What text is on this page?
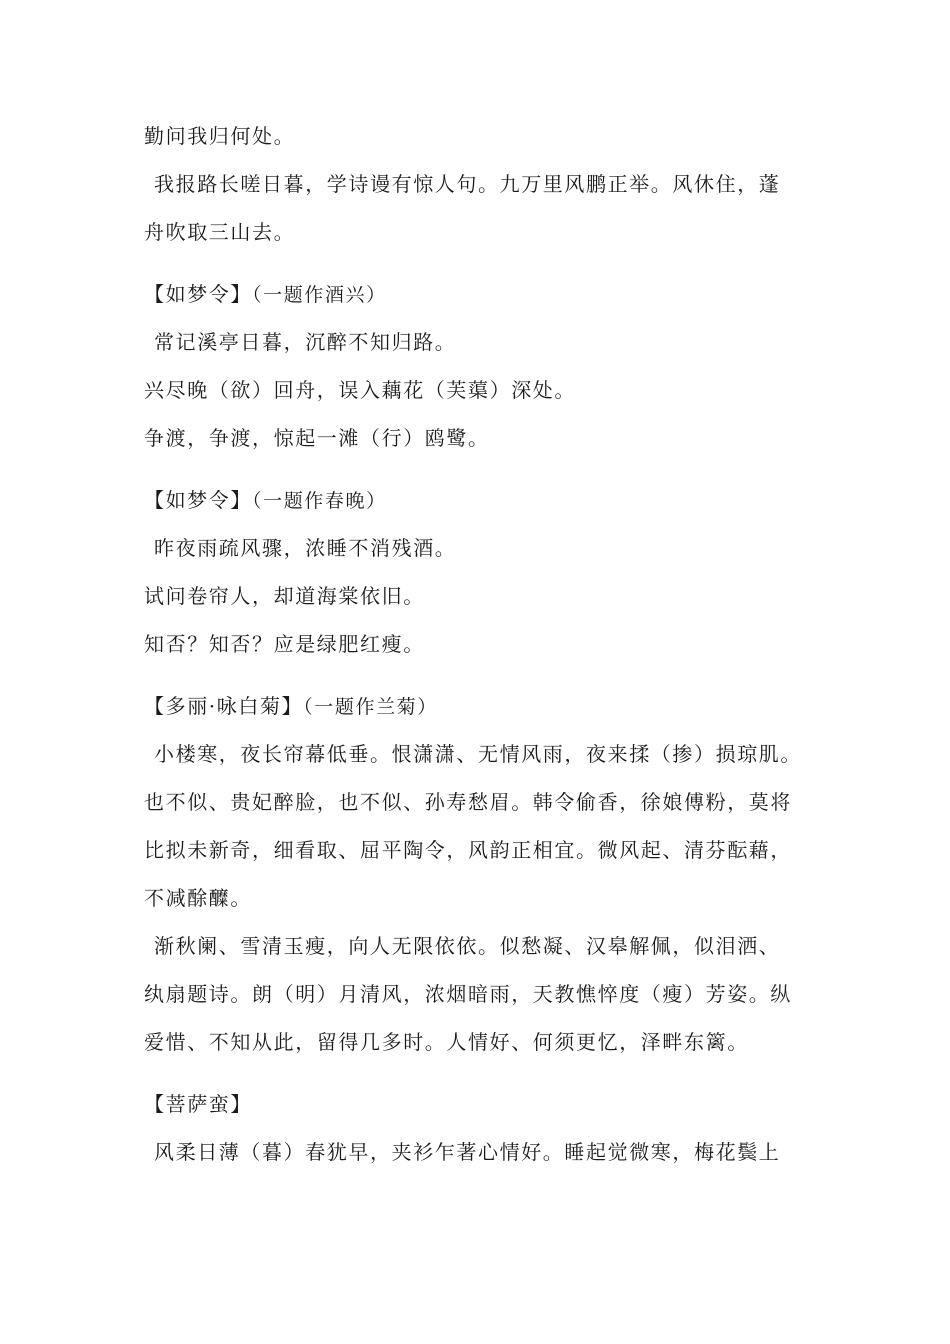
勤问我归何处。
我报路长嗟日暮，学诗谩有惊人句。九万里风鹏正举。风休住，蓬
舟吹取三山去。
【如梦令】（一题作酒兴）
常记溪亭日暮，沉醉不知归路。
兴尽晚（欲）回舟，误入藕花（芙蕖）深处。
争渡，争渡，惊起一滩（行）鸥鹭。
【如梦令】（一题作春晚）
昨夜雨疏风骤，浓睡不消残酒。
试问卷帘人，却道海棠依旧。
知否？知否？应是绿肥红瘦。
【多丽·咏白菊】（一题作兰菊）
小楼寒，夜长帘幕低垂。恨潇潇、无情风雨，夜来揉（掺）损琼肌。
也不似、贵妃醉脸，也不似、孙寿愁眉。韩令偷香，徐娘傅粉，莫将
比拟未新奇，细看取、屈平陶令，风韵正相宜。微风起、清芬酝藉，
不减酴醾。
渐秋阑、雪清玉瘦，向人无限依依。似愁凝、汉皋解佩，似泪洒、
纨扇题诗。朗（明）月清风，浓烟暗雨，天教憔悴度（瘦）芳姿。纵
爱惜、不知从此，留得几多时。人情好、何须更忆，泽畔东篱。
【菩萨蛮】
风柔日薄（暮）春犹早，夹衫乍著心情好。睡起觉微寒，梅花鬓上
